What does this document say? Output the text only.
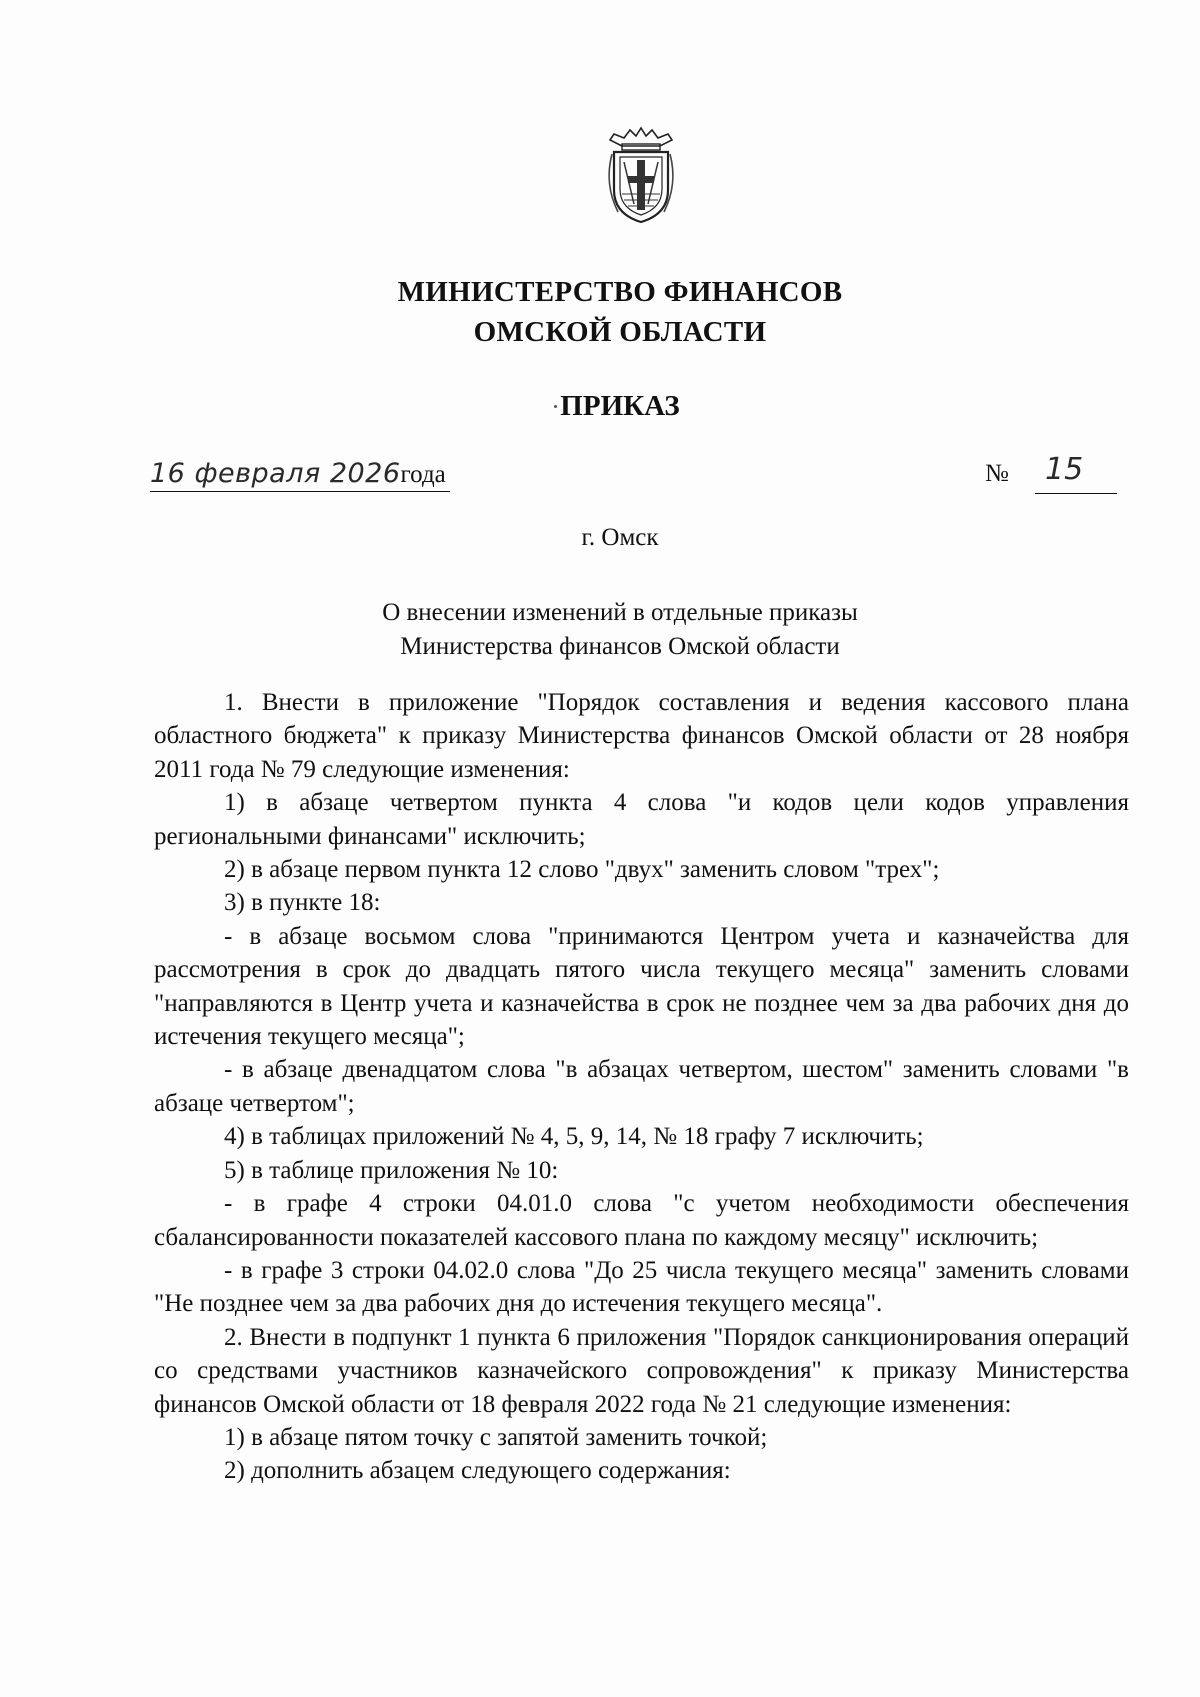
МИНИСТЕРСТВО ФИНАНСОВ
ОМСКОЙ ОБЛАСТИ
ПРИКАЗ
16 февраля 2026года	№ 15
г. Омск
О внесении изменений в отдельные приказы
Министерства финансов Омской области

1. Внести в приложение "Порядок составления и ведения кассового плана областного бюджета" к приказу Министерства финансов Омской области от 28 ноября 2011 года № 79 следующие изменения:

1) в абзаце четвертом пункта 4 слова "и кодов цели кодов управления региональными финансами" исключить;

2) в абзаце первом пункта 12 слово "двух" заменить словом "трех";

3) в пункте 18:

- в абзаце восьмом слова "принимаются Центром учета и казначейства для рассмотрения в срок до двадцать пятого числа текущего месяца" заменить словами "направляются в Центр учета и казначейства в срок не позднее чем за два рабочих дня до истечения текущего месяца";

- в абзаце двенадцатом слова "в абзацах четвертом, шестом" заменить словами "в абзаце четвертом";

4) в таблицах приложений № 4, 5, 9, 14, № 18 графу 7 исключить;

5) в таблице приложения № 10:

- в графе 4 строки 04.01.0 слова "с учетом необходимости обеспечения сбалансированности показателей кассового плана по каждому месяцу" исключить;

- в графе 3 строки 04.02.0 слова "До 25 числа текущего месяца" заменить словами "Не позднее чем за два рабочих дня до истечения текущего месяца".

2. Внести в подпункт 1 пункта 6 приложения "Порядок санкционирования операций со средствами участников казначейского сопровождения" к приказу Министерства финансов Омской области от 18 февраля 2022 года № 21 следующие изменения:

1) в абзаце пятом точку с запятой заменить точкой;

2) дополнить абзацем следующего содержания:
